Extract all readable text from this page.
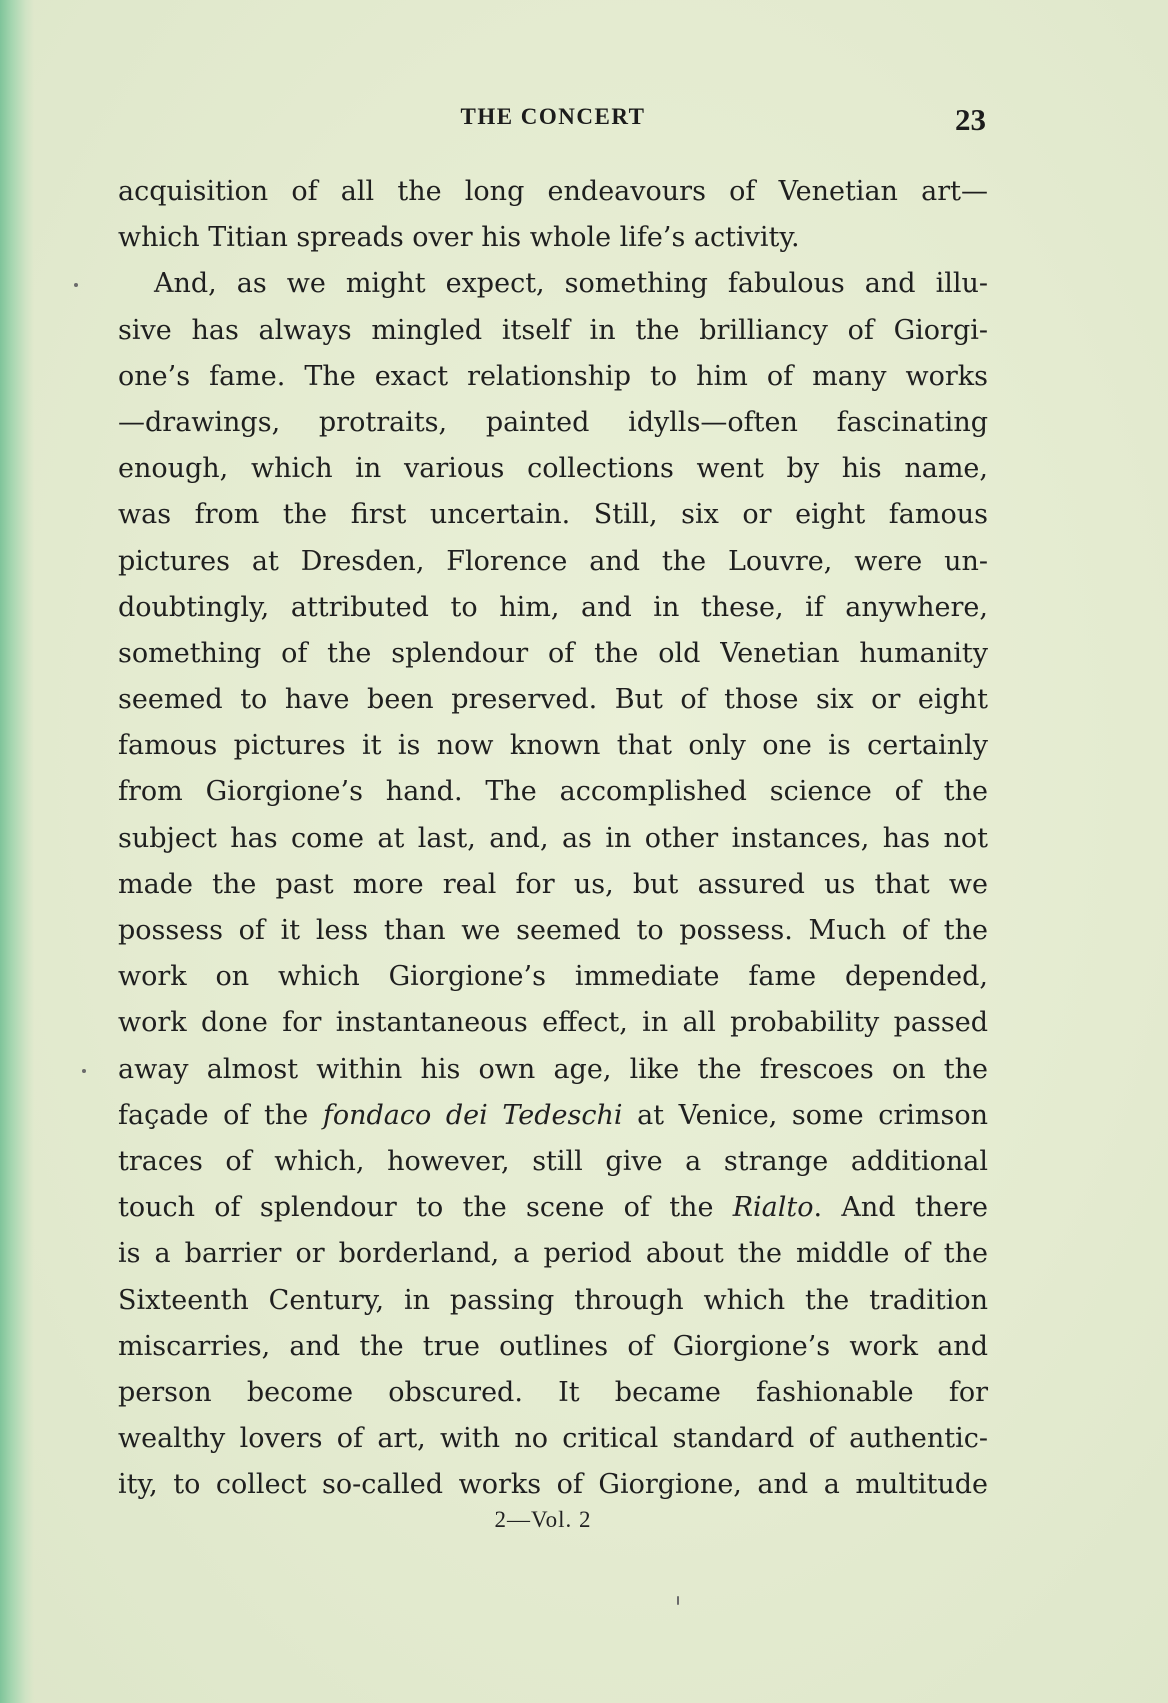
THE CONCERT	23
acquisition of all the long endeavours of Venetian art—
which Titian spreads over his whole life’s activity.
And, as we might expect, something fabulous and illu-
sive has always mingled itself in the brilliancy of Giorgi-
one’s fame. The exact relationship to him of many works
—drawings, protraits, painted idylls—often fascinating
enough, which in various collections went by his name,
was from the first uncertain. Still, six or eight famous
pictures at Dresden, Florence and the Louvre, were un-
doubtingly, attributed to him, and in these, if anywhere,
something of the splendour of the old Venetian humanity
seemed to have been preserved. But of those six or eight
famous pictures it is now known that only one is certainly
from Giorgione’s hand. The accomplished science of the
subject has come at last, and, as in other instances, has not
made the past more real for us, but assured us that we
possess of it less than we seemed to possess. Much of the
work on which Giorgione’s immediate fame depended,
work done for instantaneous effect, in all probability passed
away almost within his own age, like the frescoes on the
façade of the fondaco dei Tedeschi at Venice, some crimson
traces of which, however, still give a strange additional
touch of splendour to the scene of the Rialto. And there
is a barrier or borderland, a period about the middle of the
Sixteenth Century, in passing through which the tradition
miscarries, and the true outlines of Giorgione’s work and
person become obscured. It became fashionable for
wealthy lovers of art, with no critical standard of authentic-
ity, to collect so-called works of Giorgione, and a multitude
2—Vol. 2
